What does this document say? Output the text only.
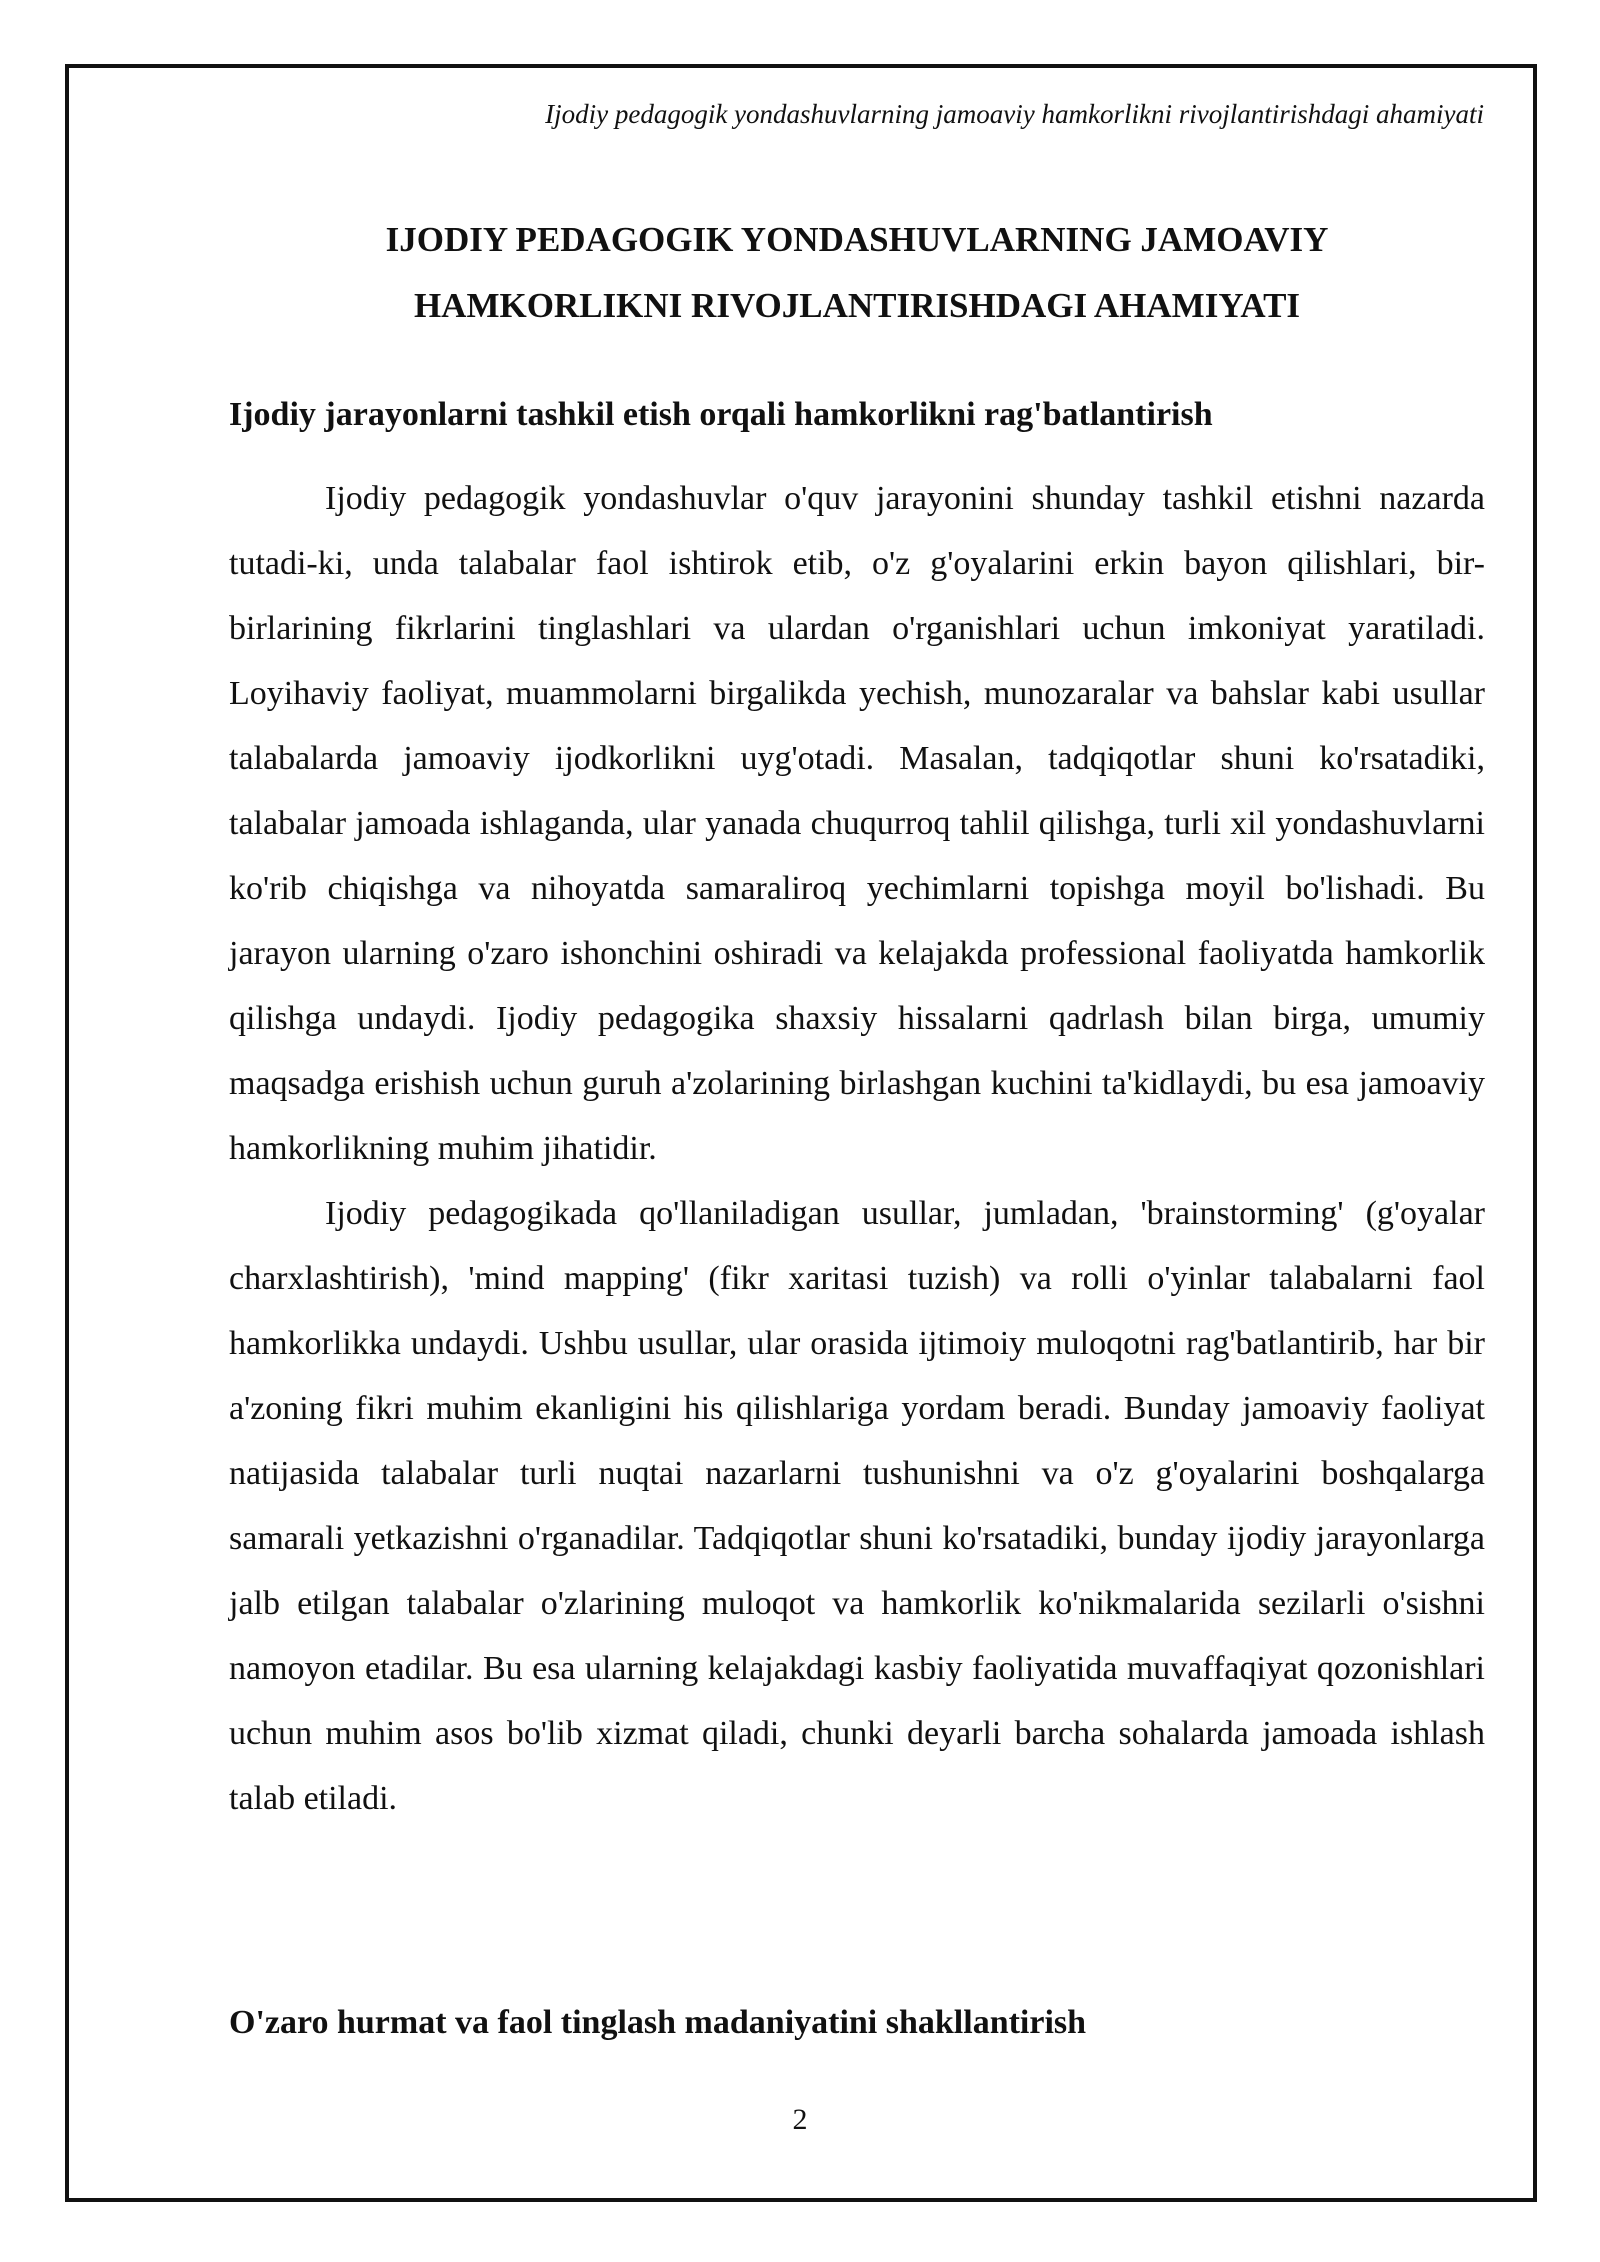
Ijodiy pedagogik yondashuvlarning jamoaviy hamkorlikni rivojlantirishdagi ahamiyati
IJODIY PEDAGOGIK YONDASHUVLARNING JAMOAVIY
HAMKORLIKNI RIVOJLANTIRISHDAGI AHAMIYATI
Ijodiy jarayonlarni tashkil etish orqali hamkorlikni rag'batlantirish

Ijodiy pedagogik yondashuvlar o'quv jarayonini shunday tashkil etishni nazarda tutadi-ki, unda talabalar faol ishtirok etib, o'z g'oyalarini erkin bayon qilishlari, bir-birlarining fikrlarini tinglashlari va ulardan o'rganishlari uchun imkoniyat yaratiladi. Loyihaviy faoliyat, muammolarni birgalikda yechish, munozaralar va bahslar kabi usullar talabalarda jamoaviy ijodkorlikni uyg'otadi. Masalan, tadqiqotlar shuni ko'rsatadiki, talabalar jamoada ishlaganda, ular yanada chuqurroq tahlil qilishga, turli xil yondashuvlarni ko'rib chiqishga va nihoyatda samaraliroq yechimlarni topishga moyil bo'lishadi. Bu jarayon ularning o'zaro ishonchini oshiradi va kelajakda professional faoliyatda hamkorlik qilishga undaydi. Ijodiy pedagogika shaxsiy hissalarni qadrlash bilan birga, umumiy maqsadga erishish uchun guruh a'zolarining birlashgan kuchini ta'kidlaydi, bu esa jamoaviy hamkorlikning muhim jihatidir.

Ijodiy pedagogikada qo'llaniladigan usullar, jumladan, 'brainstorming' (g'oyalar charxlashtirish), 'mind mapping' (fikr xaritasi tuzish) va rolli o'yinlar talabalarni faol hamkorlikka undaydi. Ushbu usullar, ular orasida ijtimoiy muloqotni rag'batlantirib, har bir a'zoning fikri muhim ekanligini his qilishlariga yordam beradi. Bunday jamoaviy faoliyat natijasida talabalar turli nuqtai nazarlarni tushunishni va o'z g'oyalarini boshqalarga samarali yetkazishni o'rganadilar. Tadqiqotlar shuni ko'rsatadiki, bunday ijodiy jarayonlarga jalb etilgan talabalar o'zlarining muloqot va hamkorlik ko'nikmalarida sezilarli o'sishni namoyon etadilar. Bu esa ularning kelajakdagi kasbiy faoliyatida muvaffaqiyat qozonishlari uchun muhim asos bo'lib xizmat qiladi, chunki deyarli barcha sohalarda jamoada ishlash talab etiladi.

O'zaro hurmat va faol tinglash madaniyatini shakllantirish
2
